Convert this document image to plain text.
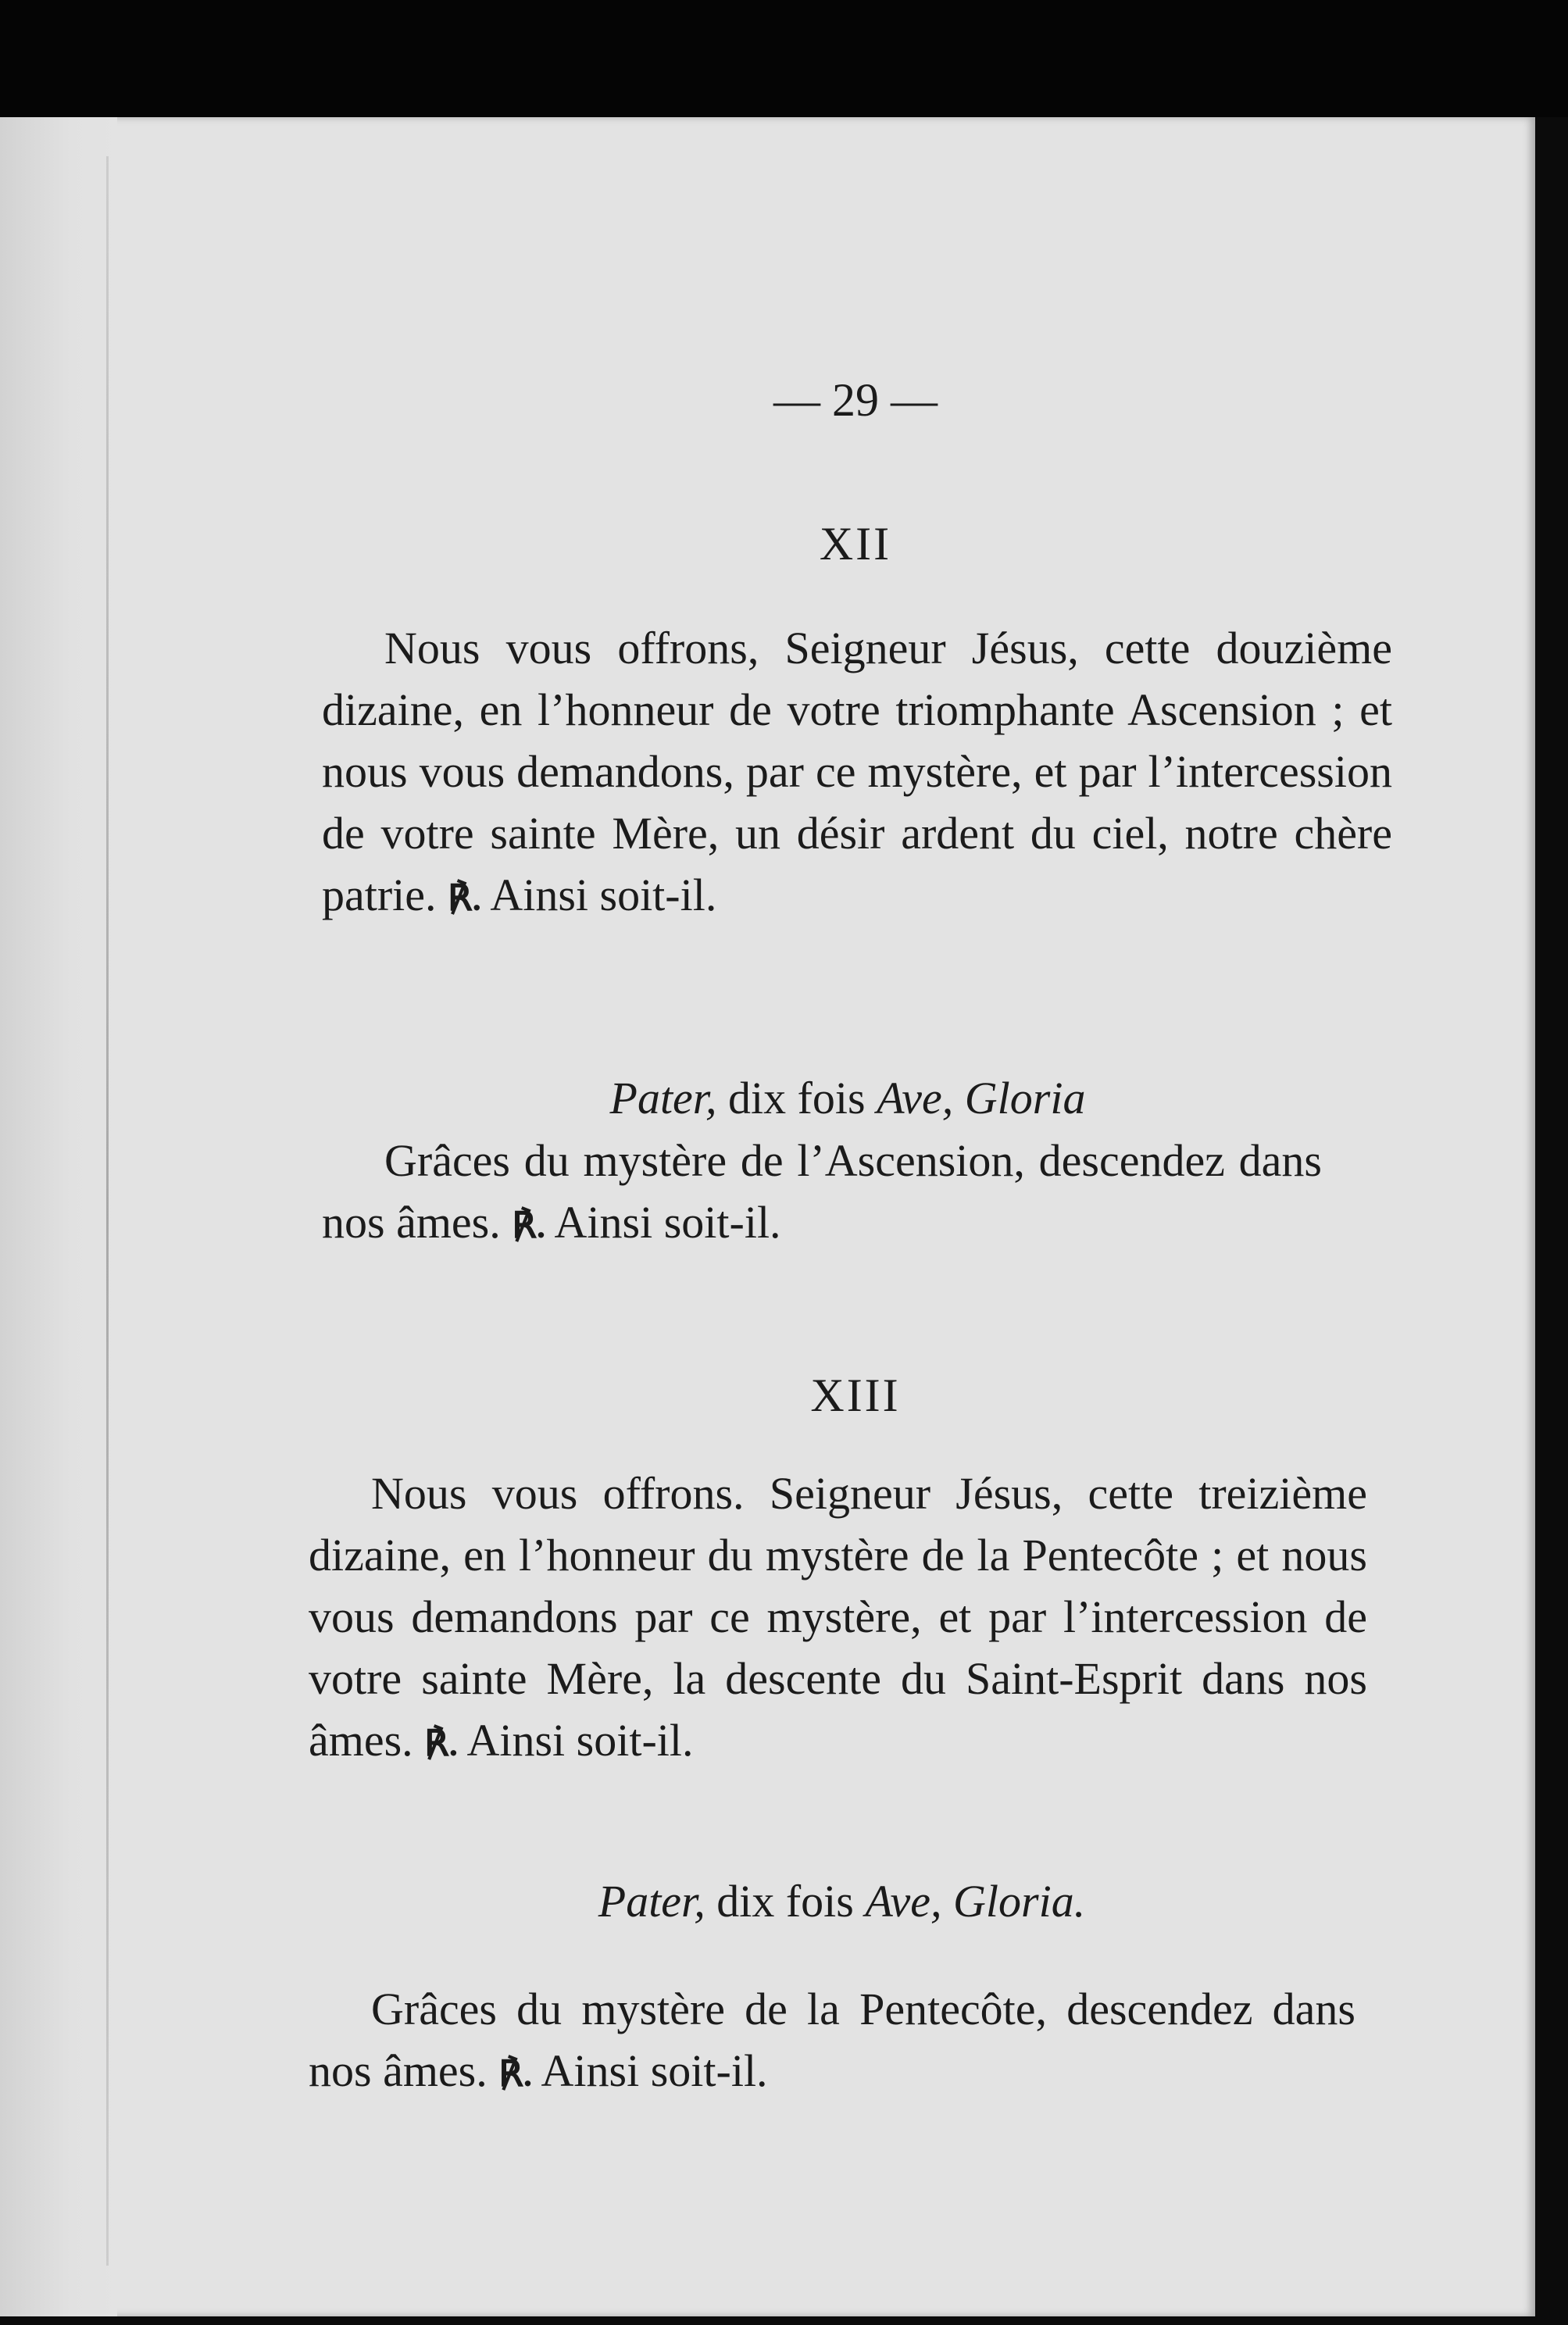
— 29 —
XII
Nous vous offrons, Seigneur Jésus, cette douzième dizaine, en l’honneur de votre triomphante Ascension ; et nous vous demandons, par ce mystère, et par l’intercession de votre sainte Mère, un désir ardent du ciel, notre chère patrie. ℟. Ainsi soit-il.
Pater, dix fois Ave, Gloria
Grâces du mystère de l’Ascension, descendez dans nos âmes. ℟. Ainsi soit-il.
XIII
Nous vous offrons. Seigneur Jésus, cette treizième dizaine, en l’honneur du mystère de la Pentecôte ; et nous vous demandons par ce mystère, et par l’intercession de votre sainte Mère, la descente du Saint-Esprit dans nos âmes. ℟. Ainsi soit-il.
Pater, dix fois Ave, Gloria.
Grâces du mystère de la Pentecôte, descendez dans nos âmes. ℟. Ainsi soit-il.
